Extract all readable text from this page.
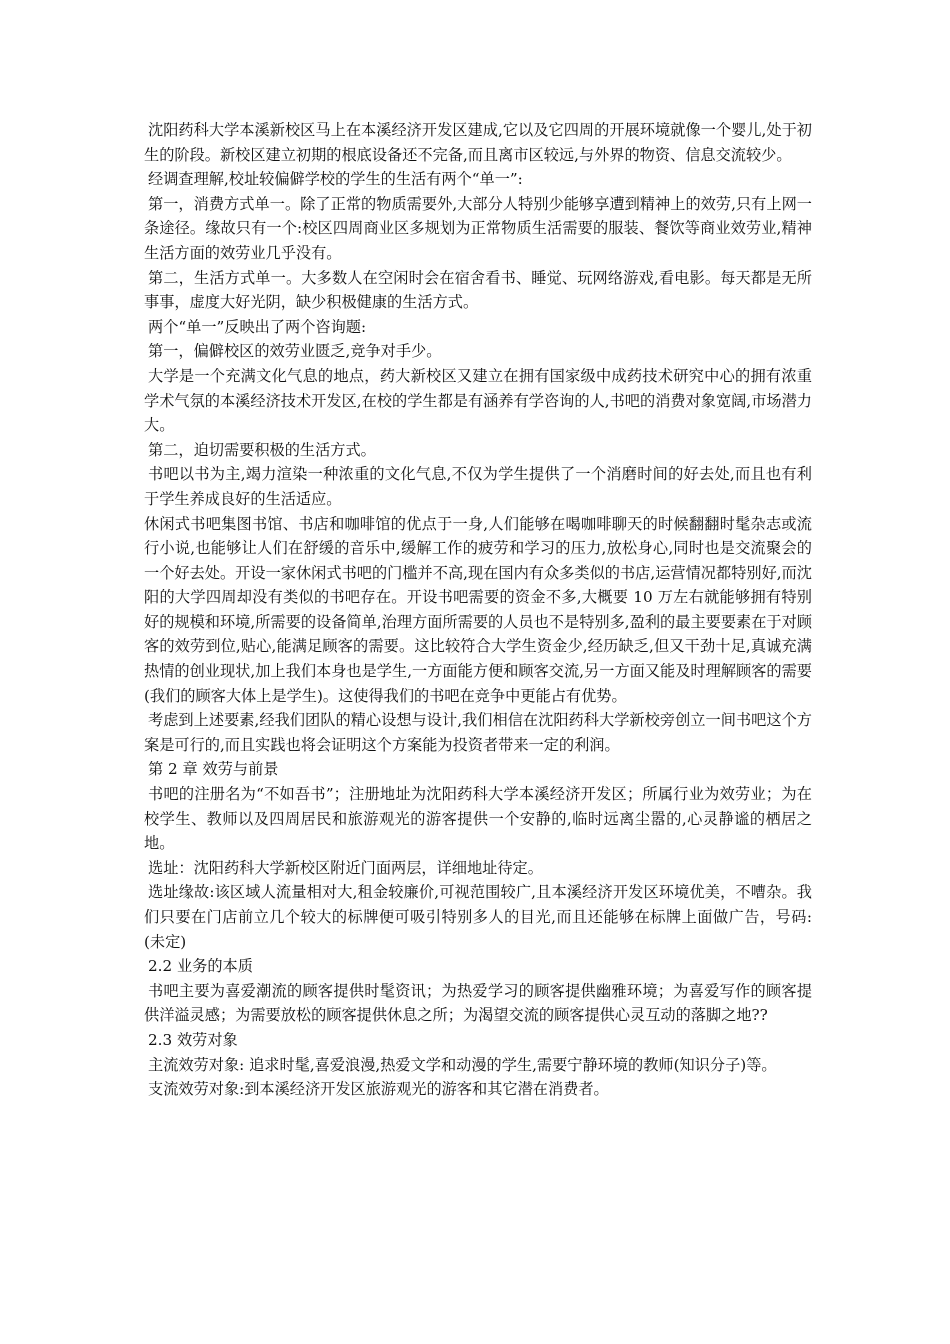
沈阳药科大学本溪新校区马上在本溪经济开发区建成,它以及它四周的开展环境就像一个婴儿,处于初生的阶段。新校区建立初期的根底设备还不完备,而且离市区较远,与外界的物资、信息交流较少。

经调查理解,校址较偏僻学校的学生的生活有两个“单一”:

第一，消费方式单一。除了正常的物质需要外,大部分人特别少能够享遭到精神上的效劳,只有上网一条途径。缘故只有一个:校区四周商业区多规划为正常物质生活需要的服装、餐饮等商业效劳业,精神生活方面的效劳业几乎没有。

第二，生活方式单一。大多数人在空闲时会在宿舍看书、睡觉、玩网络游戏,看电影。每天都是无所事事，虚度大好光阴，缺少积极健康的生活方式。

两个“单一”反映出了两个咨询题:

第一，偏僻校区的效劳业匮乏,竞争对手少。

大学是一个充满文化气息的地点，药大新校区又建立在拥有国家级中成药技术研究中心的拥有浓重学术气氛的本溪经济技术开发区,在校的学生都是有涵养有学咨询的人,书吧的消费对象宽阔,市场潜力大。

第二，迫切需要积极的生活方式。

书吧以书为主,竭力渲染一种浓重的文化气息,不仅为学生提供了一个消磨时间的好去处,而且也有利于学生养成良好的生活适应。

休闲式书吧集图书馆、书店和咖啡馆的优点于一身,人们能够在喝咖啡聊天的时候翻翻时髦杂志或流行小说,也能够让人们在舒缓的音乐中,缓解工作的疲劳和学习的压力,放松身心,同时也是交流聚会的一个好去处。开设一家休闲式书吧的门槛并不高,现在国内有众多类似的书店,运营情况都特别好,而沈阳的大学四周却没有类似的书吧存在。开设书吧需要的资金不多,大概要 10 万左右就能够拥有特别好的规模和环境,所需要的设备简单,治理方面所需要的人员也不是特别多,盈利的最主要要素在于对顾客的效劳到位,贴心,能满足顾客的需要。这比较符合大学生资金少,经历缺乏,但又干劲十足,真诚充满热情的创业现状,加上我们本身也是学生,一方面能方便和顾客交流,另一方面又能及时理解顾客的需要(我们的顾客大体上是学生)。这使得我们的书吧在竞争中更能占有优势。

考虑到上述要素,经我们团队的精心设想与设计,我们相信在沈阳药科大学新校旁创立一间书吧这个方案是可行的,而且实践也将会证明这个方案能为投资者带来一定的利润。

第 2 章 效劳与前景

书吧的注册名为“不如吾书”；注册地址为沈阳药科大学本溪经济开发区；所属行业为效劳业；为在校学生、教师以及四周居民和旅游观光的游客提供一个安静的,临时远离尘嚣的,心灵静谧的栖居之地。

选址：沈阳药科大学新校区附近门面两层，详细地址待定。

选址缘故:该区域人流量相对大,租金较廉价,可视范围较广,且本溪经济开发区环境优美，不嘈杂。我们只要在门店前立几个较大的标牌便可吸引特别多人的目光,而且还能够在标牌上面做广告，号码:(未定)

2.2 业务的本质

书吧主要为喜爱潮流的顾客提供时髦资讯；为热爱学习的顾客提供幽雅环境；为喜爱写作的顾客提供洋溢灵感；为需要放松的顾客提供休息之所；为渴望交流的顾客提供心灵互动的落脚之地??

2.3 效劳对象

主流效劳对象: 追求时髦,喜爱浪漫,热爱文学和动漫的学生,需要宁静环境的教师(知识分子)等。

支流效劳对象:到本溪经济开发区旅游观光的游客和其它潜在消费者。
